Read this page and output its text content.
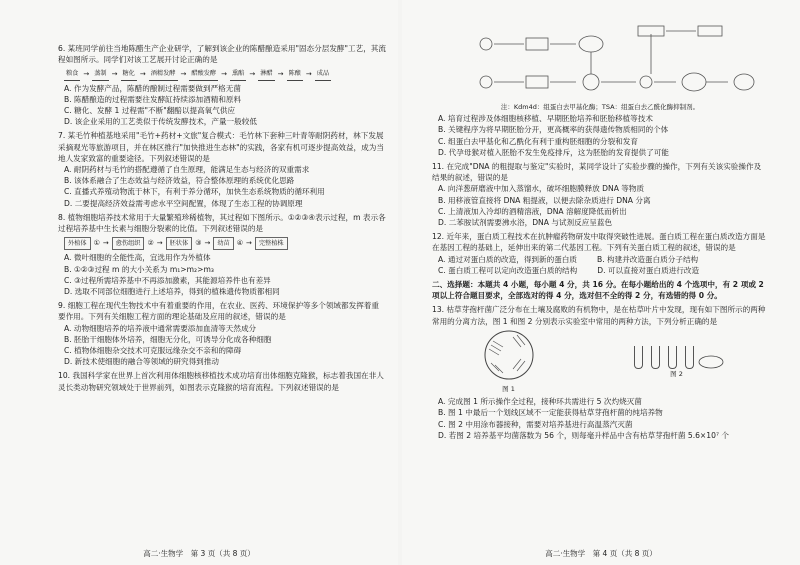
6. 某班同学前往当地陈醋生产企业研学，了解到该企业的陈醋酿造采用"固态分层发酵"工艺，其流程如图所示。同学们对该工艺展开讨论正确的是

粮食 → 蒸制 → 糖化 → 酒精发酵 → 醋酸发酵 → 熏醅 → 淋醋 → 陈酿 → 成品

A. 作为发酵产品，陈醋的酿制过程需要做到严格无菌

B. 陈醋酿造的过程需要往发酵缸持续添加酒精和原料

C. 糖化、发酵 1 过程需"不断"翻醅以提高氧气供应

D. 该企业采用的工艺类似于传统发酵技术，产量一般较低

7. 某毛竹种植基地采用"毛竹+药材+文旅"复合模式：毛竹林下套种三叶青等耐阴药材，林下发展采摘观光等旅游项目，并在林区推行"加快推进生态林"的实践，各家有机可逐步提高效益，成为当地人发家致富的重要途径。下列叙述错误的是

A. 耐阴药材与毛竹的搭配遵循了自生原理，能满足生态与经济的双重需求

B. 该体系融合了生态效益与经济效益，符合整体原理的系统优化思路

C. 直播式养殖动物流于林下，有利于养分循环，加快生态系统物质的循环利用

D. 二要提高经济效益需考虑水平空间配置，体现了生态工程的协调原理

8. 植物细胞培养技术常用于大量繁殖珍稀植物，其过程如下图所示。①②③④表示过程，m 表示各过程培养基中生长素与细胞分裂素的比值。下列叙述错误的是

外植体	① →	愈伤组织	② →	胚状体	③ →	幼苗	④ →	完整植株

A. 微叶细胞的全能性高，宜选用作为外植体

B. ①②③过程 m 的大小关系为 m₁>m₂>m₃

C. ③过程所需培养基中不再添加激素，其能源培养件也有差异

D. 选取不同部位细胞进行上述培养，得到的植株遗传物质都相同

9. 细胞工程在现代生物技术中有着重要的作用，在农业、医药、环境保护等多个领域都发挥着重要作用。下列有关细胞工程方面的理论基础及应用的叙述，错误的是

A. 动物细胞培养的培养液中通常需要添加血清等天然成分

B. 胚胎干细胞体外培养，细胞无分化，可诱导分化成各种细胞

C. 植物体细胞杂交技术可克服远缘杂交不亲和的障碍

D. 新技术使细胞的融合等领域的研究得到推动

10. 我国科学家在世界上首次利用体细胞核移植技术成功培育出体细胞克隆猴，标志着我国在非人灵长类动物研究领域处于世界前列，如图表示克隆猴的培育流程。下列叙述错误的是

高二·生物学　第 3 页（共 8 页）

注：Kdm4d：组蛋白去甲基化酶；TSA：组蛋白去乙酰化酶抑制剂。

A. 培育过程涉及体细胞核移植、早期胚胎培养和胚胎移植等技术

B. 关键程序为将早期胚胎分开，更高概率的获得遗传物质相同的个体

C. 组蛋白去甲基化和乙酰化有利于重构胚细胞的分裂和发育

D. 代孕母猴对植入胚胎不发生免疫排斥，这为胚胎的发育提供了可能

11. 在完成"DNA 的粗提取与鉴定"实验时，某同学设计了实验步骤的操作，下列有关该实验操作及结果的叙述，错误的是

A. 向洋葱研磨液中加入蒸馏水，破坏细胞膜释放 DNA 等物质

B. 用移液管直接将 DNA 粗提液，以便去除杂质进行 DNA 分离

C. 上清液加入冷却的酒精溶液，DNA 溶解度降低而析出

D. 二苯胺试剂需要沸水浴，DNA 与试剂反应呈蓝色

12. 近年来，蛋白质工程技术在抗肿瘤药物研发中取得突破性进展。蛋白质工程在蛋白质改造方面是在基因工程的基础上，延伸出来的第二代基因工程。下列有关蛋白质工程的叙述，错误的是

A. 通过对蛋白质的改造，得到新的蛋白质	B. 构建并改造蛋白质分子结构

C. 蛋白质工程可以定向改造蛋白质的结构	D. 可以直接对蛋白质进行改造

二、选择题：本题共 4 小题，每小题 4 分，共 16 分。在每小题给出的 4 个选项中，有 2 项或 2 项以上符合题目要求，全部选对的得 4 分，选对但不全的得 2 分，有选错的得 0 分。

13. 枯草芽孢杆菌广泛分布在土壤及腐败的有机物中，是在枯草叶片中发现，现有如下图所示的两种常用的分离方法，图 1 和图 2 分别表示实验室中常用的两种方法，下列分析正确的是

图 1

图 2

A. 完成图 1 所示操作全过程，接种环共需进行 5 次灼烧灭菌

B. 图 1 中最后一个划线区域不一定能获得枯草芽孢杆菌的纯培养物

C. 图 2 中用涂布器接种，需要对培养基进行高温蒸汽灭菌

D. 若图 2 培养基平均菌落数为 56 个，则每毫升样品中含有枯草芽孢杆菌 5.6×10⁷ 个

高二·生物学　第 4 页（共 8 页）
